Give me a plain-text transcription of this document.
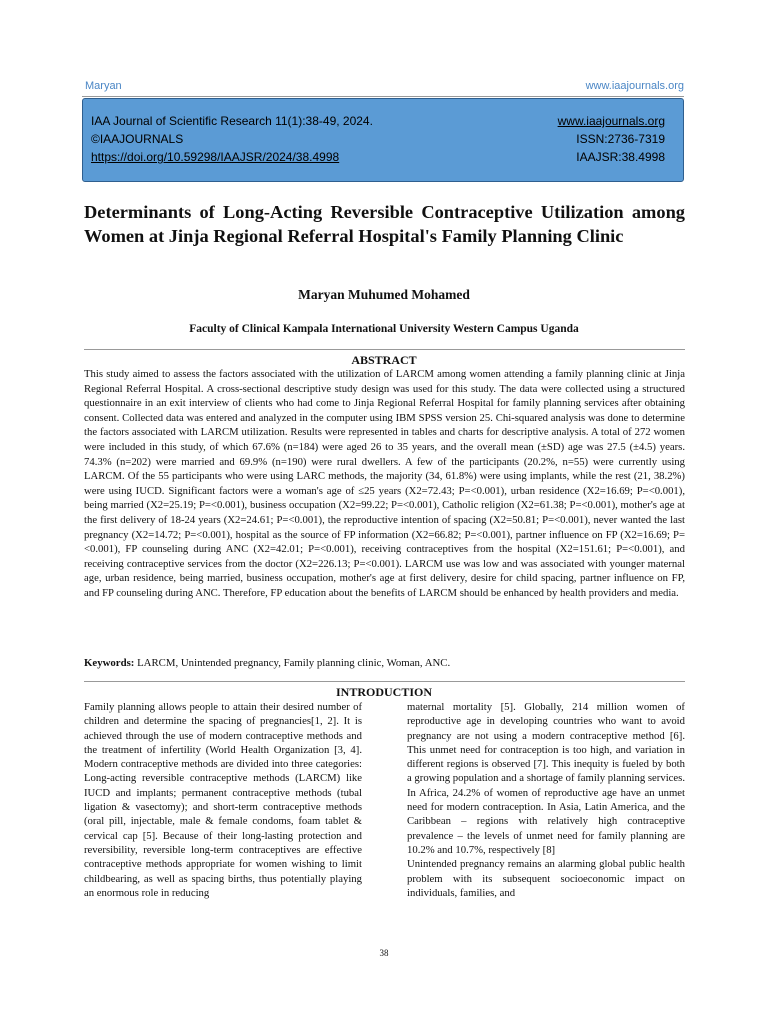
Maryan	www.iaajournals.org
IAA Journal of Scientific Research 11(1):38-49, 2024.
©IAAJOURNALS
https://doi.org/10.59298/IAAJSR/2024/38.4998
www.iaajournals.org
ISSN:2736-7319
IAAJSR:38.4998
Determinants of Long-Acting Reversible Contraceptive Utilization among Women at Jinja Regional Referral Hospital's Family Planning Clinic
Maryan Muhumed Mohamed
Faculty of Clinical Kampala International University Western Campus Uganda
ABSTRACT

This study aimed to assess the factors associated with the utilization of LARCM among women attending a family planning clinic at Jinja Regional Referral Hospital. A cross-sectional descriptive study design was used for this study. The data were collected using a structured questionnaire in an exit interview of clients who had come to Jinja Regional Referral Hospital for family planning services after obtaining consent. Collected data was entered and analyzed in the computer using IBM SPSS version 25. Chi-squared analysis was done to determine the factors associated with LARCM utilization. Results were represented in tables and charts for descriptive analysis. A total of 272 women were included in this study, of which 67.6% (n=184) were aged 26 to 35 years, and the overall mean (±SD) age was 27.5 (±4.5) years. 74.3% (n=202) were married and 69.9% (n=190) were rural dwellers. A few of the participants (20.2%, n=55) were currently using LARCM. Of the 55 participants who were using LARC methods, the majority (34, 61.8%) were using implants, while the rest (21, 38.2%) were using IUCD. Significant factors were a woman's age of ≤25 years (X2=72.43; P=<0.001), urban residence (X2=16.69; P=<0.001), being married (X2=25.19; P=<0.001), business occupation (X2=99.22; P=<0.001), Catholic religion (X2=61.38; P=<0.001), mother's age at the first delivery of 18-24 years (X2=24.61; P=<0.001), the reproductive intention of spacing (X2=50.81; P=<0.001), never wanted the last pregnancy (X2=14.72; P=<0.001), hospital as the source of FP information (X2=66.82; P=<0.001), partner influence on FP (X2=16.69; P=<0.001), FP counseling during ANC (X2=42.01; P=<0.001), receiving contraceptives from the hospital (X2=151.61; P=<0.001), and receiving contraceptive services from the doctor (X2=226.13; P=<0.001). LARCM use was low and was associated with younger maternal age, urban residence, being married, business occupation, mother's age at first delivery, desire for child spacing, partner influence on FP, and FP counseling during ANC. Therefore, FP education about the benefits of LARCM should be enhanced by health providers and media.

Keywords: LARCM, Unintended pregnancy, Family planning clinic, Woman, ANC.

INTRODUCTION

Family planning allows people to attain their desired number of children and determine the spacing of pregnancies[1, 2]. It is achieved through the use of modern contraceptive methods and the treatment of infertility (World Health Organization [3, 4]. Modern contraceptive methods are divided into three categories: Long-acting reversible contraceptive methods (LARCM) like IUCD and implants; permanent contraceptive methods (tubal ligation & vasectomy); and short-term contraceptive methods (oral pill, injectable, male & female condoms, foam tablet & cervical cap [5]. Because of their long-lasting protection and reversibility, reversible long-term contraceptives are effective contraceptive methods appropriate for women wishing to limit childbearing, as well as spacing births, thus potentially playing an enormous role in reducing

maternal mortality [5]. Globally, 214 million women of reproductive age in developing countries who want to avoid pregnancy are not using a modern contraceptive method [6]. This unmet need for contraception is too high, and variation in different regions is observed [7]. This inequity is fueled by both a growing population and a shortage of family planning services. In Africa, 24.2% of women of reproductive age have an unmet need for modern contraception. In Asia, Latin America, and the Caribbean – regions with relatively high contraceptive prevalence – the levels of unmet need for family planning are 10.2% and 10.7%, respectively [8]

Unintended pregnancy remains an alarming global public health problem with its subsequent socioeconomic impact on individuals, families, and

38
